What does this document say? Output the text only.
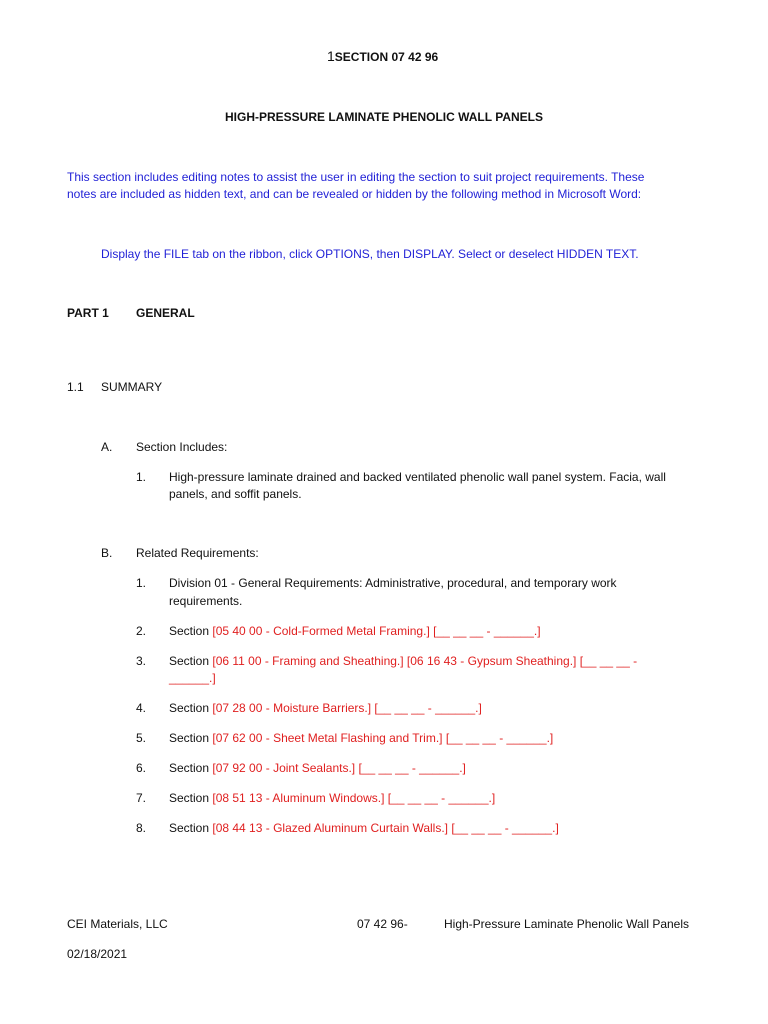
1SECTION 07 42 96
HIGH-PRESSURE LAMINATE PHENOLIC WALL PANELS
This section includes editing notes to assist the user in editing the section to suit project requirements. These
notes are included as hidden text, and can be revealed or hidden by the following method in Microsoft Word:
Display the FILE tab on the ribbon, click OPTIONS, then DISPLAY. Select or deselect HIDDEN TEXT.
PART 1 GENERAL
1.1 SUMMARY
A. Section Includes:
1. High-pressure laminate drained and backed ventilated phenolic wall panel system. Facia, wall
panels, and soffit panels.
B. Related Requirements:
1. Division 01 - General Requirements: Administrative, procedural, and temporary work
requirements.
2. Section [05 40 00 - Cold-Formed Metal Framing.] [__ __ __ - ______.]
3. Section [06 11 00 - Framing and Sheathing.] [06 16 43 - Gypsum Sheathing.] [__ __ __ -
______.]
4. Section [07 28 00 - Moisture Barriers.] [__ __ __ - ______.]
5. Section [07 62 00 - Sheet Metal Flashing and Trim.] [__ __ __ - ______.]
6. Section [07 92 00 - Joint Sealants.] [__ __ __ - ______.]
7. Section [08 51 13 - Aluminum Windows.] [__ __ __ - ______.]
8. Section [08 44 13 - Glazed Aluminum Curtain Walls.] [__ __ __ - ______.]
CEI Materials, LLC	07 42 96-	High-Pressure Laminate Phenolic Wall Panels
02/18/2021
